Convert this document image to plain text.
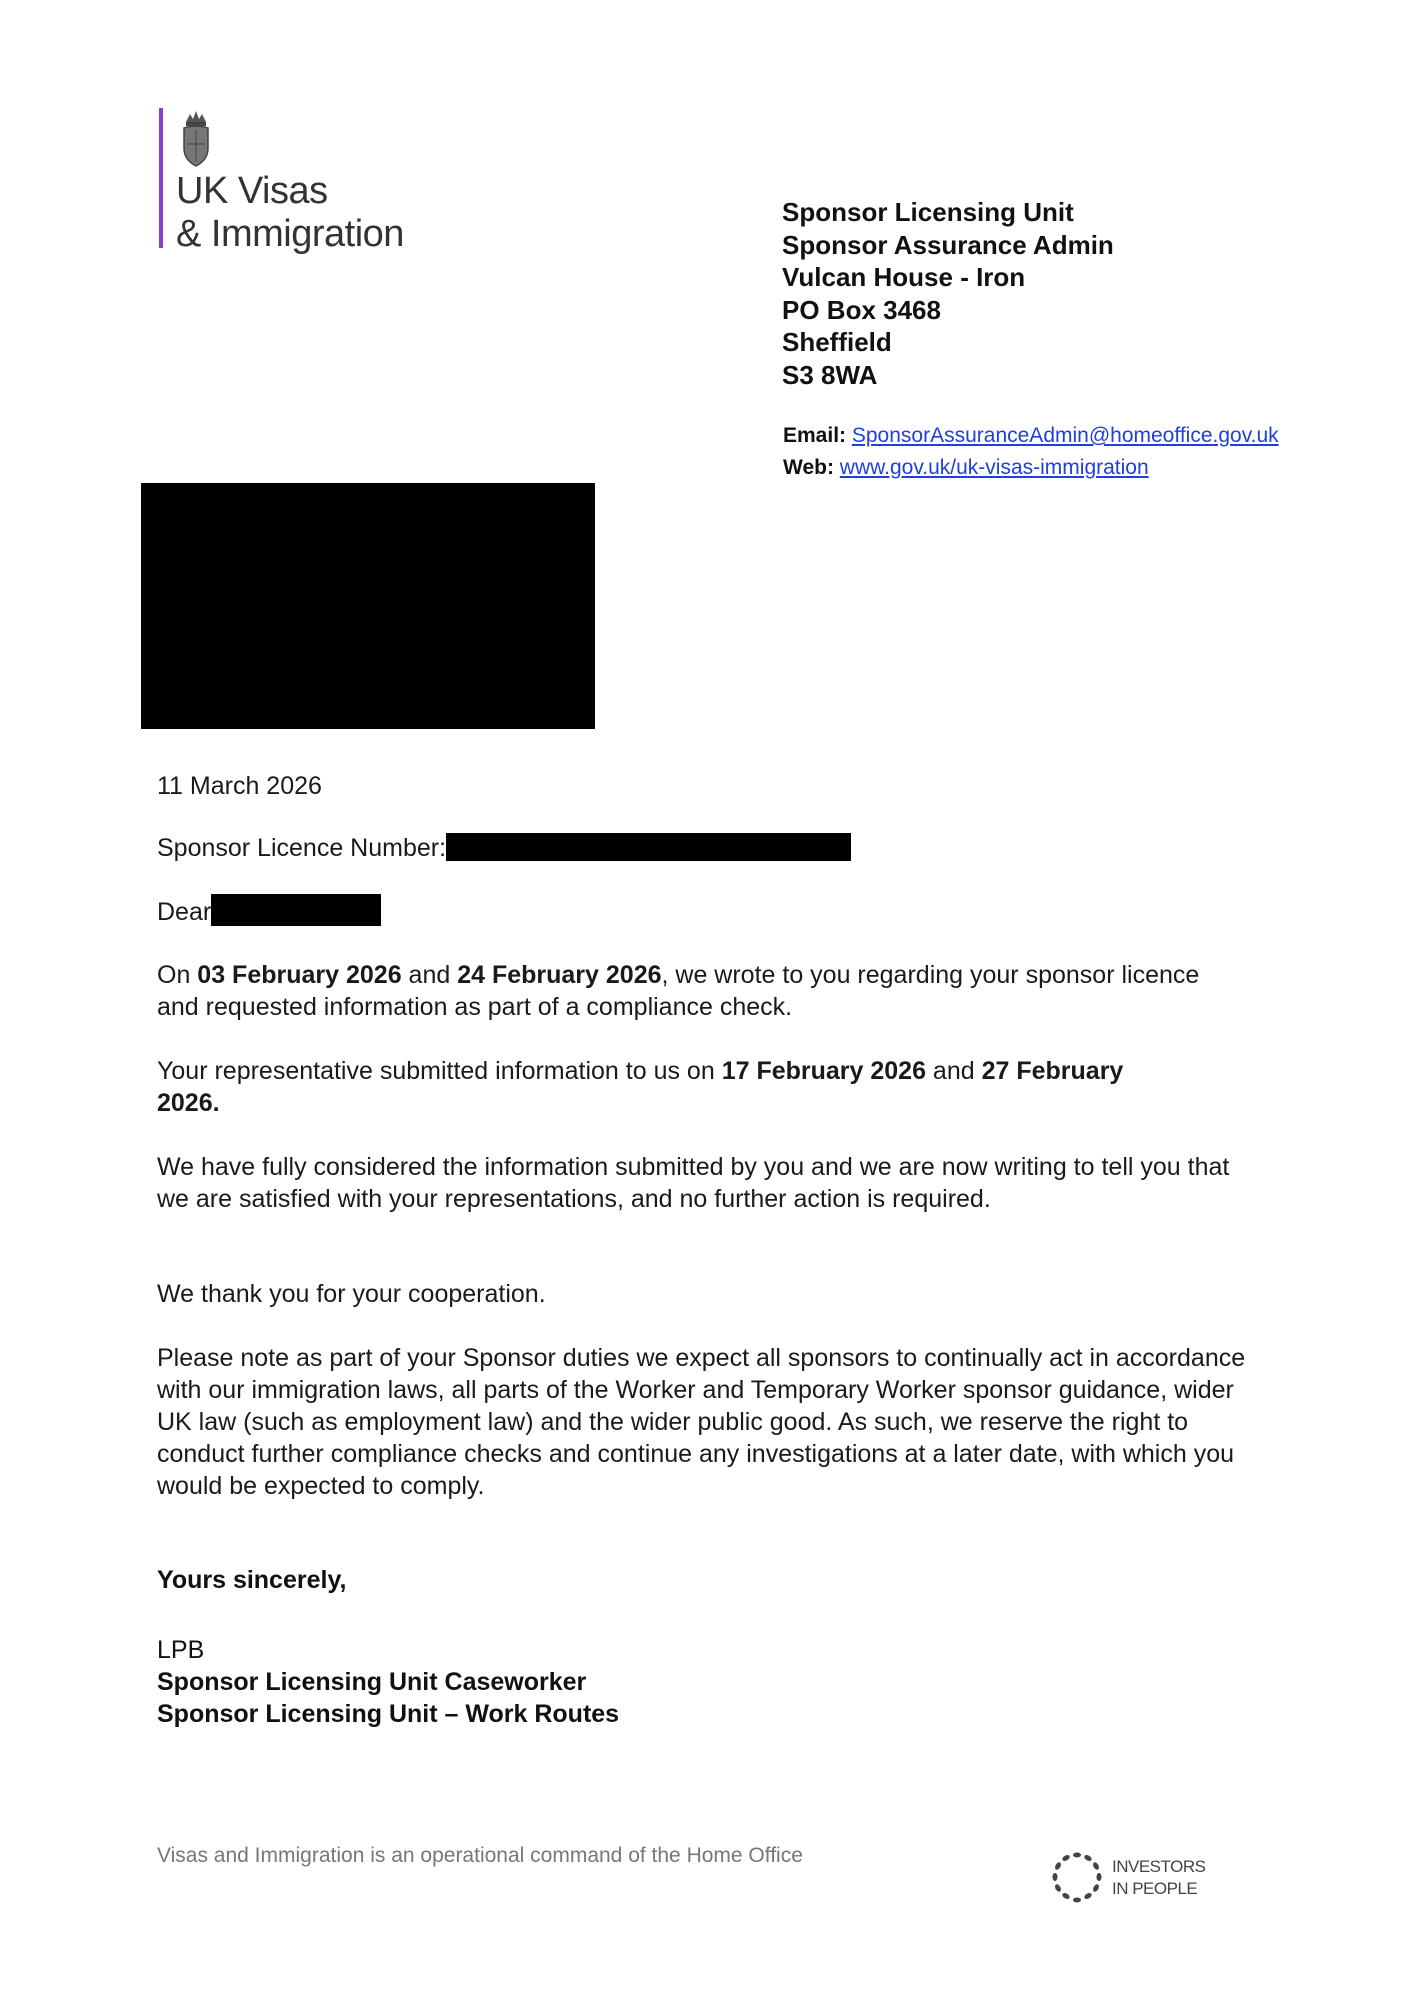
UK Visas
& Immigration
Sponsor Licensing Unit
Sponsor Assurance Admin
Vulcan House - Iron
PO Box 3468
Sheffield
S3 8WA
Email: SponsorAssuranceAdmin@homeoffice.gov.uk
Web: www.gov.uk/uk-visas-immigration
11 March 2026
Sponsor Licence Number:
Dear
On 03 February 2026 and 24 February 2026, we wrote to you regarding your sponsor licence and requested information as part of a compliance check.
Your representative submitted information to us on 17 February 2026 and 27 February 2026.
We have fully considered the information submitted by you and we are now writing to tell you that we are satisfied with your representations, and no further action is required.
We thank you for your cooperation.
Please note as part of your Sponsor duties we expect all sponsors to continually act in accordance with our immigration laws, all parts of the Worker and Temporary Worker sponsor guidance, wider UK law (such as employment law) and the wider public good. As such, we reserve the right to conduct further compliance checks and continue any investigations at a later date, with which you would be expected to comply.
Yours sincerely,
LPB
Sponsor Licensing Unit Caseworker
Sponsor Licensing Unit – Work Routes
Visas and Immigration is an operational command of the Home Office	INVESTORS
IN PEOPLE
